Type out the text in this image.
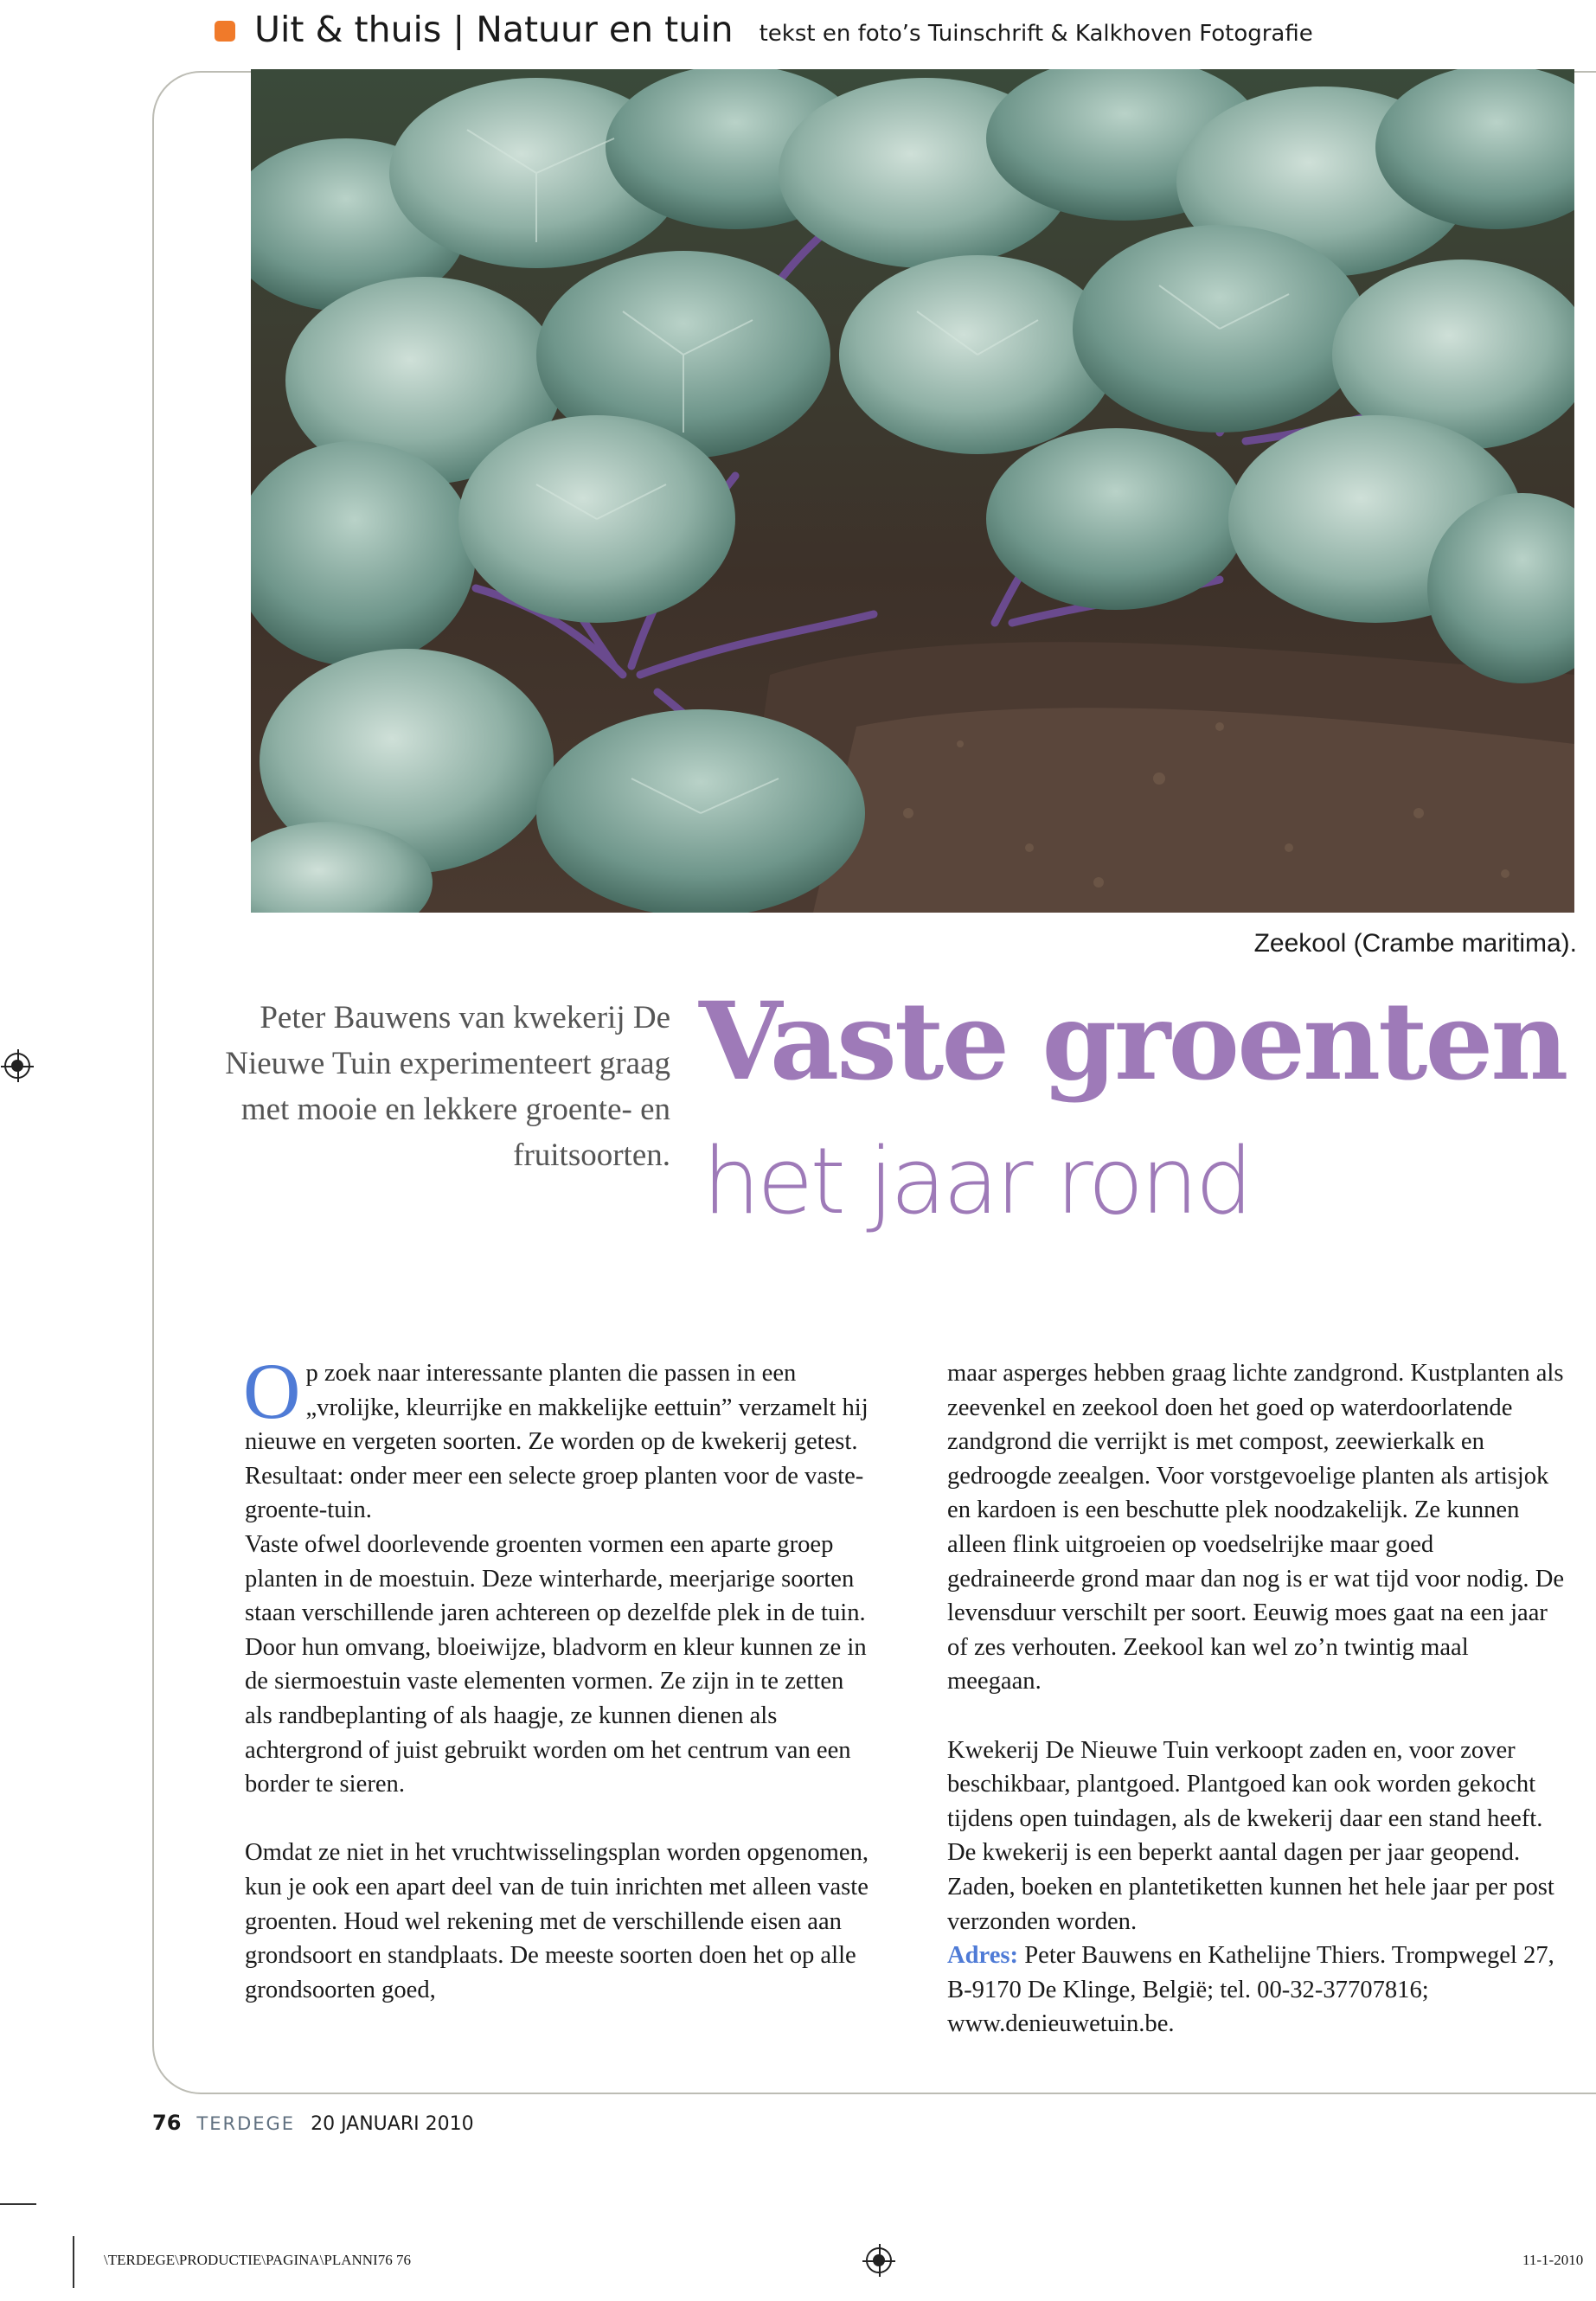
Uit & thuis | Natuur en tuin tekst en foto’s Tuinschrift & Kalkhoven Fotografie
Zeekool (Crambe maritima).
Peter Bauwens van kwekerij De Nieuwe Tuin experimenteert graag met mooie en lekkere groente- en fruitsoorten.
Vaste groenten
het jaar rond

Op zoek naar interessante planten die passen in een „vrolijke, kleurrijke en makkelijke eettuin” verzamelt hij nieuwe en vergeten soorten. Ze worden op de kwekerij getest. Resultaat: onder meer een selecte groep planten voor de vaste-groente-tuin.

Vaste ofwel doorlevende groenten vormen een aparte groep planten in de moestuin. Deze winterharde, meerjarige soorten staan verschillende jaren achtereen op dezelfde plek in de tuin. Door hun omvang, bloeiwijze, bladvorm en kleur kunnen ze in de siermoestuin vaste elementen vormen. Ze zijn in te zetten als randbeplanting of als haagje, ze kunnen dienen als achtergrond of juist gebruikt worden om het centrum van een border te sieren.

Omdat ze niet in het vruchtwisselingsplan worden opgenomen, kun je ook een apart deel van de tuin inrichten met alleen vaste groenten. Houd wel rekening met de verschillende eisen aan grondsoort en standplaats. De meeste soorten doen het op alle grondsoorten goed,

maar asperges hebben graag lichte zandgrond. Kustplanten als zeevenkel en zeekool doen het goed op waterdoorlatende zandgrond die verrijkt is met compost, zeewierkalk en gedroogde zeealgen. Voor vorstgevoelige planten als artisjok en kardoen is een beschutte plek noodzakelijk. Ze kunnen alleen flink uitgroeien op voedselrijke maar goed gedraineerde grond maar dan nog is er wat tijd voor nodig. De levensduur verschilt per soort. Eeuwig moes gaat na een jaar of zes verhouten. Zeekool kan wel zo’n twintig maal meegaan.

Kwekerij De Nieuwe Tuin verkoopt zaden en, voor zover beschikbaar, plantgoed. Plantgoed kan ook worden gekocht tijdens open tuindagen, als de kwekerij daar een stand heeft. De kwekerij is een beperkt aantal dagen per jaar geopend. Zaden, boeken en plantetiketten kunnen het hele jaar per post verzonden worden.

Adres: Peter Bauwens en Kathelijne Thiers. Trompwegel 27, B-9170 De Klinge, België; tel. 00-32-37707816; www.denieuwetuin.be.

76 TERDEGE 20 JANUARI 2010
\TERDEGE\PRODUCTIE\PAGINA\PLANNI76 76	11-1-2010
